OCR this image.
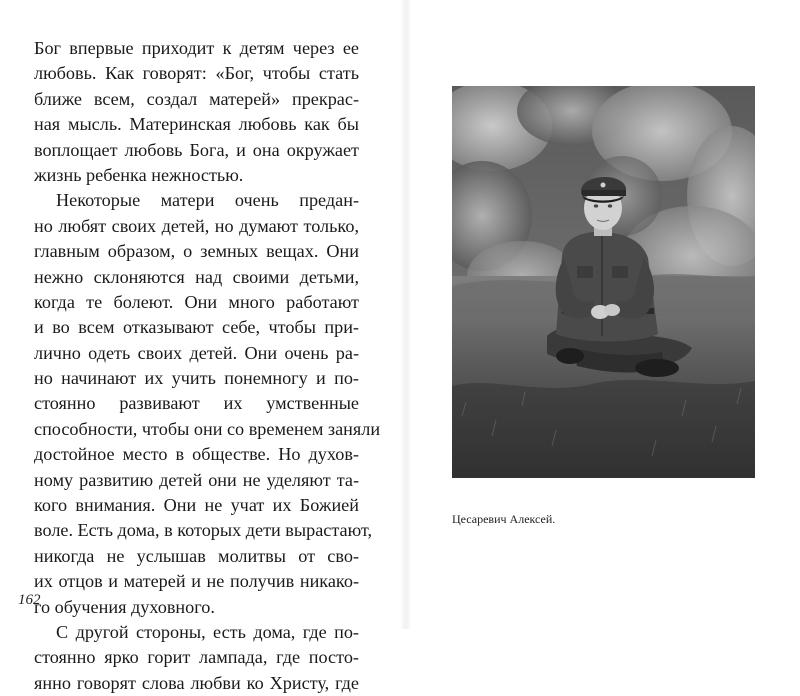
Бог впервые приходит к детям через ее
любовь. Как говорят: «Бог, чтобы стать
ближе всем, создал матерей» прекрас-
ная мысль. Материнская любовь как бы
воплощает любовь Бога, и она окружает
жизнь ребенка нежностью.
Некоторые матери очень предан-
но любят своих детей, но думают только,
главным образом, о земных вещах. Они
нежно склоняются над своими детьми,
когда те болеют. Они много работают
и во всем отказывают себе, чтобы при-
лично одеть своих детей. Они очень ра-
но начинают их учить понемногу и по-
стоянно развивают их умственные
способности, чтобы они со временем заняли
достойное место в обществе. Но духов-
ному развитию детей они не уделяют та-
кого внимания. Они не учат их Божией
воле. Есть дома, в которых дети вырастают,
никогда не услышав молитвы от сво-
их отцов и матерей и не получив никако-
го обучения духовного.
С другой стороны, есть дома, где по-
стоянно ярко горит лампада, где посто-
янно говорят слова любви ко Христу, где
162
Цесаревич Алексей.
